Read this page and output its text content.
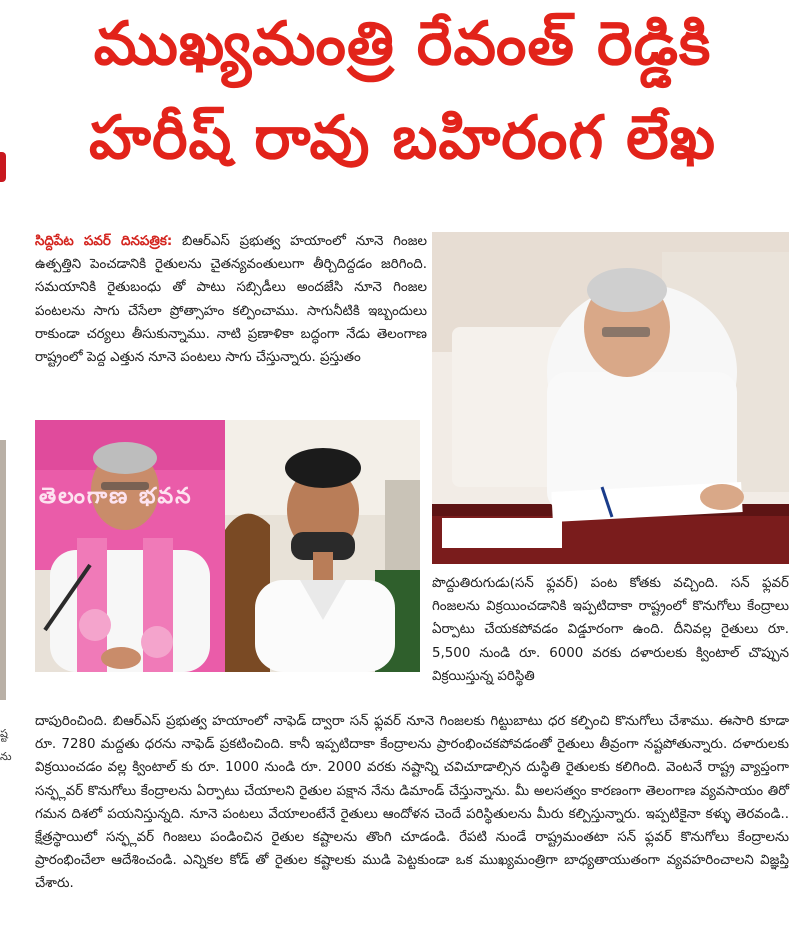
ష్ట
ను
ముఖ్యమంత్రి రేవంత్ రెడ్డికి
హరీష్ రావు బహిరంగ లేఖ
సిద్దిపేట పవర్ దినపత్రిక: బిఆర్ఎస్ ప్రభుత్వ హయాంలో నూనె గింజల ఉత్పత్తిని పెంచడానికి రైతులను చైతన్యవంతులుగా తీర్చిదిద్దడం జరిగింది. సమయానికి రైతుబంధు తో పాటు సబ్సిడీలు అందజేసి నూనె గింజల పంటలను సాగు చేసేలా ప్రోత్సాహం కల్పించాము. సాగునీటికి ఇబ్బందులు రాకుండా చర్యలు తీసుకున్నాము. నాటి ప్రణాళికా బద్ధంగా నేడు తెలంగాణ రాష్ట్రంలో పెద్ద ఎత్తున నూనె పంటలు సాగు చేస్తున్నారు. ప్రస్తుతం
తెలంగాణ భవన
పొద్దుతిరుగుడు(సన్ ఫ్లవర్) పంట కోతకు వచ్చింది. సన్ ఫ్లవర్ గింజలను విక్రయించడానికి ఇప్పటిదాకా రాష్ట్రంలో కొనుగోలు కేంద్రాలు ఏర్పాటు చేయకపోవడం విడ్డూరంగా ఉంది. దీనివల్ల రైతులు రూ. 5,500 నుండి రూ. 6000 వరకు దళారులకు క్వింటాల్ చొప్పున విక్రయిస్తున్న పరిస్థితి
దాపురించింది. బిఆర్ఎస్ ప్రభుత్వ హయాంలో నాఫెడ్ ద్వారా సన్ ఫ్లవర్ నూనె గింజలకు గిట్టుబాటు ధర కల్పించి కొనుగోలు చేశాము. ఈసారి కూడా రూ. 7280 మద్దతు ధరను నాఫెడ్ ప్రకటించింది. కానీ ఇప్పటిదాకా కేంద్రాలను ప్రారంభించకపోవడంతో రైతులు తీవ్రంగా నష్టపోతున్నారు. దళారులకు విక్రయించడం వల్ల క్వింటాల్ కు రూ. 1000 నుండి రూ. 2000 వరకు నష్టాన్ని చవిచూడాల్సిన దుస్థితి రైతులకు కలిగింది. వెంటనే రాష్ట్ర వ్యాప్తంగా సన్ఫ్లవర్ కొనుగోలు కేంద్రాలను ఏర్పాటు చేయాలని రైతుల పక్షాన నేను డిమాండ్ చేస్తున్నాను. మీ అలసత్వం కారణంగా తెలంగాణ వ్యవసాయం తిరో గమన దిశలో పయనిస్తున్నది. నూనె పంటలు వేయాలంటేనే రైతులు ఆందోళన చెందే పరిస్థితులను మీరు కల్పిస్తున్నారు. ఇప్పటికైనా కళ్ళు తెరవండి.. క్షేత్రస్థాయిలో సన్ఫ్లవర్ గింజలు పండించిన రైతుల కష్టాలను తొంగి చూడండి. రేపటి నుండే రాష్ట్రమంతటా సన్ ఫ్లవర్ కొనుగోలు కేంద్రాలను ప్రారంభించేలా ఆదేశించండి. ఎన్నికల కోడ్ తో రైతుల కష్టాలకు ముడి పెట్టకుండా ఒక ముఖ్యమంత్రిగా బాధ్యతాయుతంగా వ్యవహరించాలని విజ్ఞప్తి చేశారు.
